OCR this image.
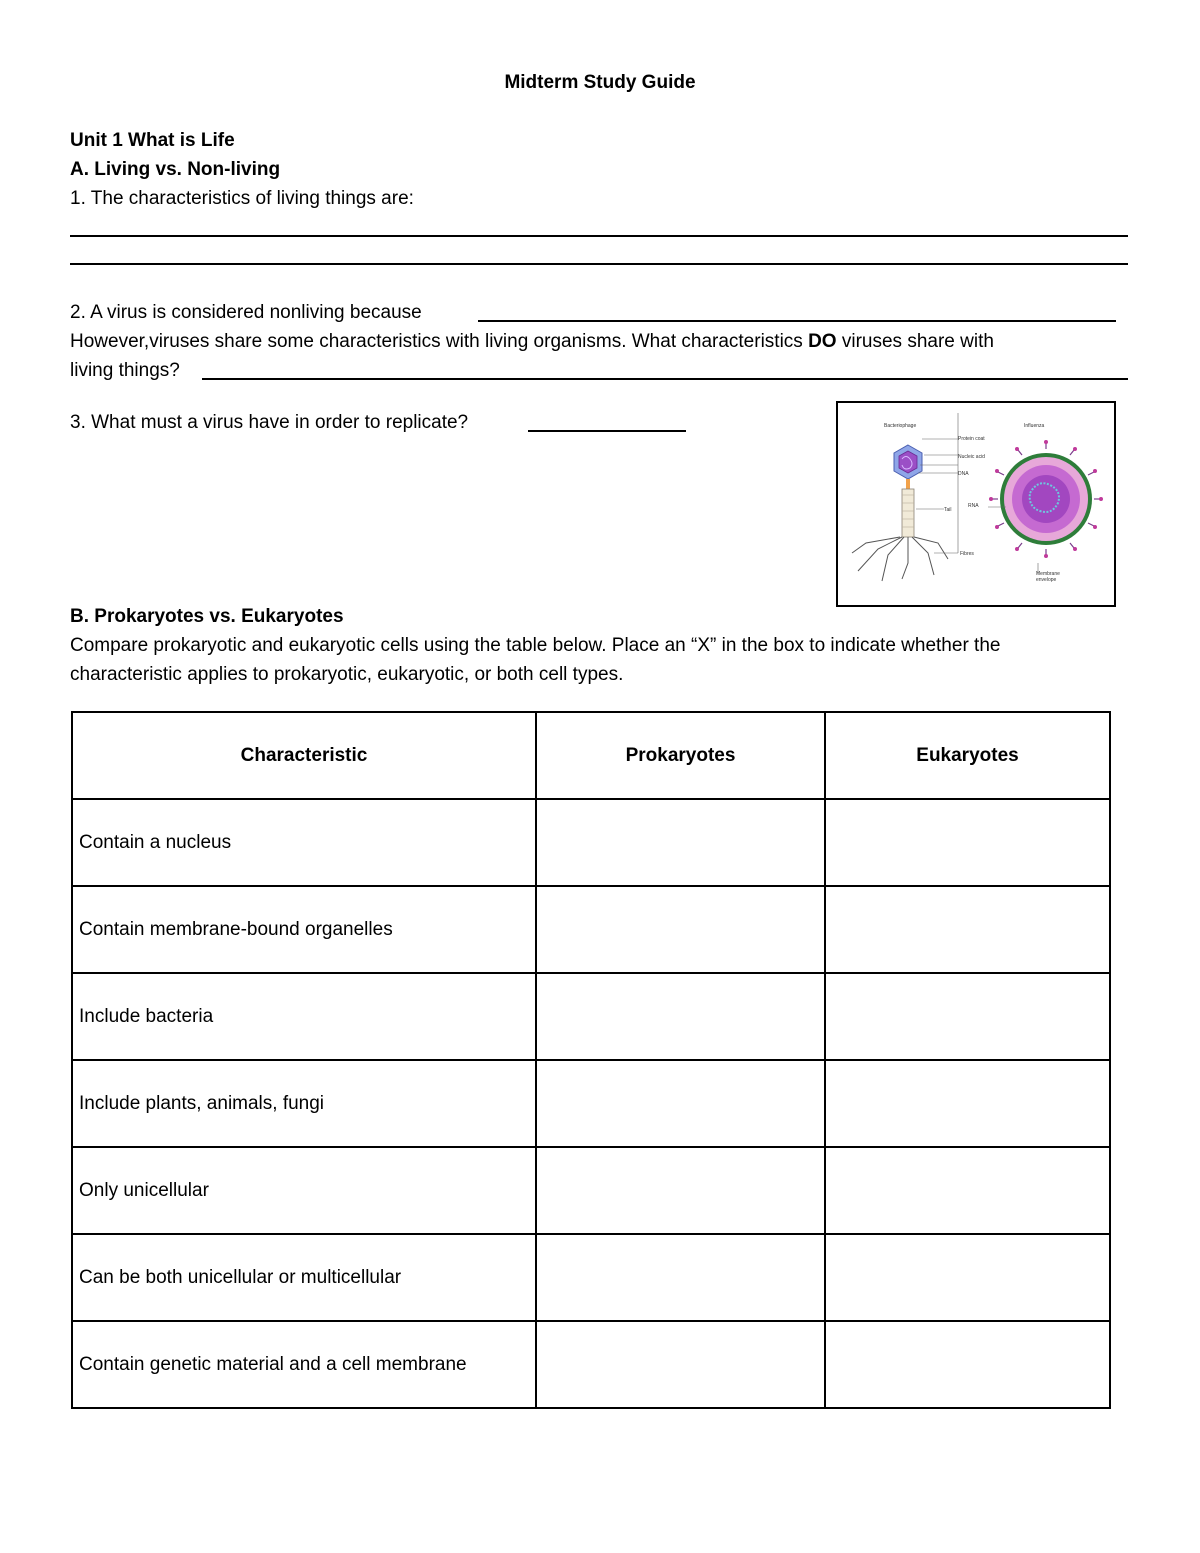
Midterm Study Guide
Unit 1 What is Life
A. Living vs. Non-living
1. The characteristics of living things are:
2. A virus is considered nonliving because
However,viruses share some characteristics with living organisms. What characteristics DO viruses share with
living things?
3. What must a virus have in order to replicate?	Bacteriophage	Influenza
Protein coat
Nucleic acid
DNA
Tail
RNA
Fibres
Membrane
envelope
B. Prokaryotes vs. Eukaryotes
Compare prokaryotic and eukaryotic cells using the table below. Place an “X” in the box to indicate whether the
characteristic applies to prokaryotic, eukaryotic, or both cell types.
Characteristic	Prokaryotes	Eukaryotes
Contain a nucleus		
Contain membrane-bound organelles		
Include bacteria		
Include plants, animals, fungi		
Only unicellular		
Can be both unicellular or multicellular		
Contain genetic material and a cell membrane		
